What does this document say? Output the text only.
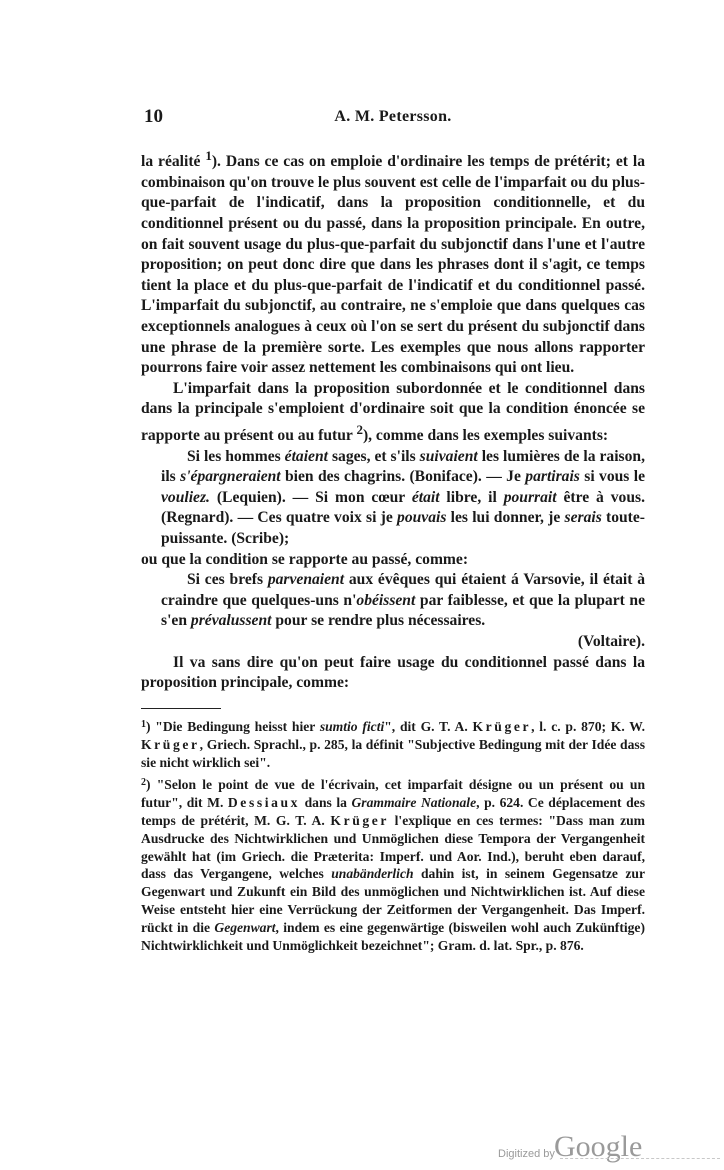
10	A. M. Petersson.

la réalité $^1$). Dans ce cas on emploie d'ordinaire les temps de prétérit; et la combinaison qu'on trouve le plus souvent est celle de l'imparfait ou du plus-que-parfait de l'indicatif, dans la proposition conditionnelle, et du conditionnel présent ou du passé, dans la proposition principale. En outre, on fait souvent usage du plus-que-parfait du subjonctif dans l'une et l'autre proposition; on peut donc dire que dans les phrases dont il s'agit, ce temps tient la place et du plus-que-parfait de l'indicatif et du conditionnel passé. L'imparfait du subjonctif, au contraire, ne s'emploie que dans quelques cas exceptionnels analogues à ceux où l'on se sert du présent du subjonctif dans une phrase de la première sorte. Les exemples que nous allons rapporter pourrons faire voir assez nettement les combinaisons qui ont lieu.

L'imparfait dans la proposition subordonnée et le conditionnel dans dans la principale s'emploient d'ordinaire soit que la condition énoncée se rapporte au présent ou au futur $^2$), comme dans les exemples suivants:

Si les hommes étaient sages, et s'ils suivaient les lumières de la raison, ils s'épargneraient bien des chagrins. (Boniface). — Je partirais si vous le vouliez. (Lequien). — Si mon cœur était libre, il pourrait être à vous. (Regnard). — Ces quatre voix si je pouvais les lui donner, je serais toute-puissante. (Scribe);

ou que la condition se rapporte au passé, comme:

Si ces brefs parvenaient aux évêques qui étaient á Varsovie, il était à craindre que quelques-uns n'obéissent par faiblesse, et que la plupart ne s'en prévalussent pour se rendre plus nécessaires.

(Voltaire).

Il va sans dire qu'on peut faire usage du conditionnel passé dans la proposition principale, comme:

$^1$) "Die Bedingung heisst hier sumtio ficti", dit G. T. A. Krüger, l. c. p. 870; K. W. Krüger, Griech. Sprachl., p. 285, la définit "Subjective Bedingung mit der Idée dass sie nicht wirklich sei".

$^2$) "Selon le point de vue de l'écrivain, cet imparfait désigne ou un présent ou un futur", dit M. Dessiaux dans la Grammaire Nationale, p. 624. Ce déplacement des temps de prétérit, M. G. T. A. Krüger l'explique en ces termes: "Dass man zum Ausdrucke des Nichtwirklichen und Unmöglichen diese Tempora der Vergangenheit gewählt hat (im Griech. die Præterita: Imperf. und Aor. Ind.), beruht eben darauf, dass das Vergangene, welches unabänderlich dahin ist, in seinem Gegensatze zur Gegenwart und Zukunft ein Bild des unmöglichen und Nichtwirklichen ist. Auf diese Weise entsteht hier eine Verrückung der Zeitformen der Vergangenheit. Das Imperf. rückt in die Gegenwart, indem es eine gegenwärtige (bisweilen wohl auch Zukünftige) Nichtwirklichkeit und Unmöglichkeit bezeichnet"; Gram. d. lat. Spr., p. 876.

Digitized by Google
